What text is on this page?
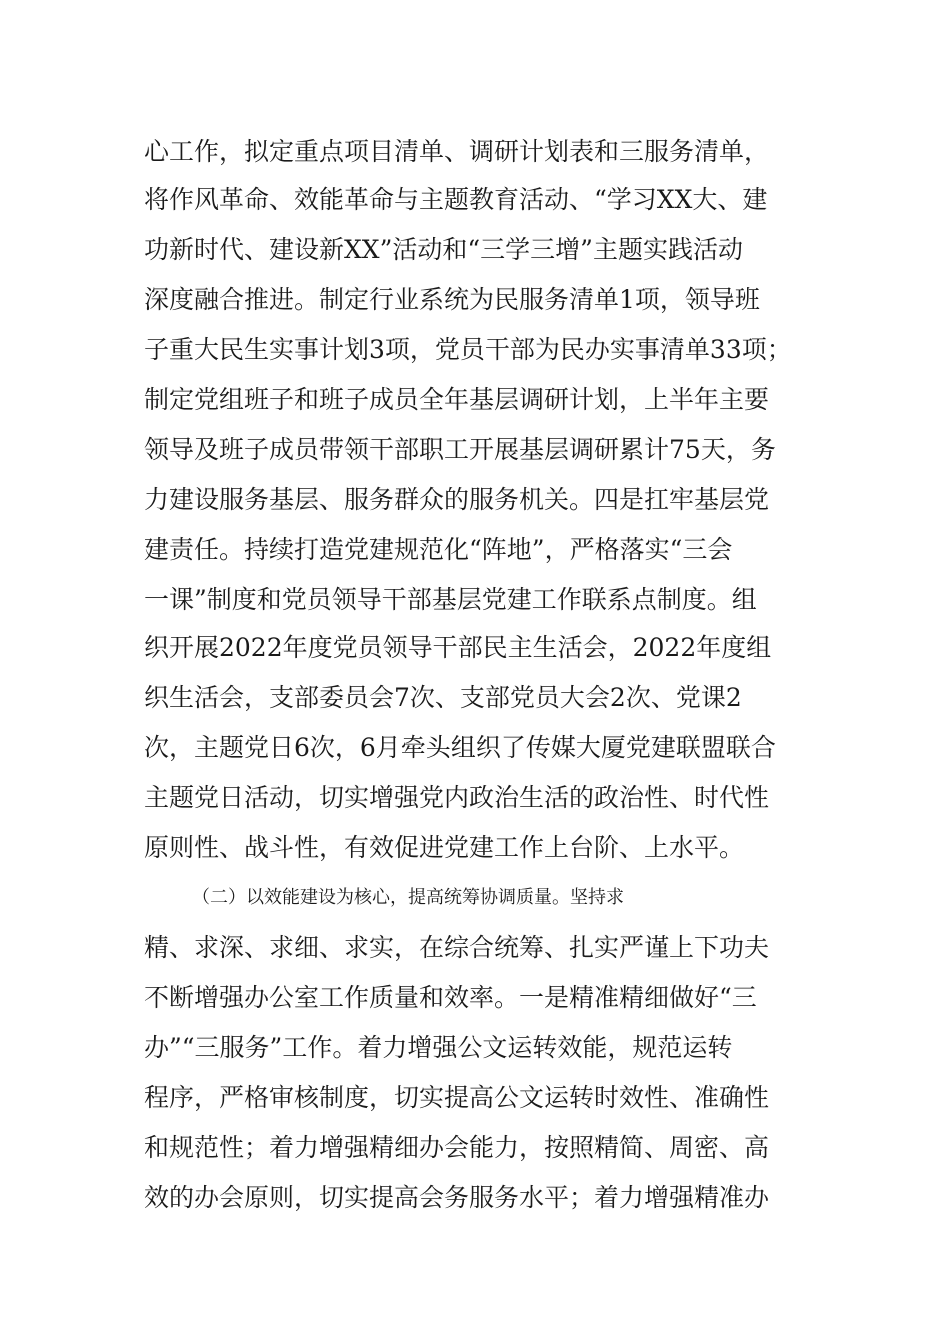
心工作，拟定重点项目清单、调研计划表和三服务清单，
将作风革命、效能革命与主题教育活动、“学习XX大、建
功新时代、建设新XX”活动和“三学三增”主题实践活动
深度融合推进。制定行业系统为民服务清单1项，领导班
子重大民生实事计划3项，党员干部为民办实事清单33项；
制定党组班子和班子成员全年基层调研计划，上半年主要
领导及班子成员带领干部职工开展基层调研累计75天，务
力建设服务基层、服务群众的服务机关。四是扛牢基层党
建责任。持续打造党建规范化“阵地”，严格落实“三会
一课”制度和党员领导干部基层党建工作联系点制度。组
织开展2022年度党员领导干部民主生活会，2022年度组
织生活会，支部委员会7次、支部党员大会2次、党课2
次，主题党日6次，6月牵头组织了传媒大厦党建联盟联合
主题党日活动，切实增强党内政治生活的政治性、时代性
原则性、战斗性，有效促进党建工作上台阶、上水平。
（二）以效能建设为核心，提高统筹协调质量。坚持求
精、求深、求细、求实，在综合统筹、扎实严谨上下功夫
不断增强办公室工作质量和效率。一是精准精细做好“三
办”“三服务”工作。着力增强公文运转效能，规范运转
程序，严格审核制度，切实提高公文运转时效性、准确性
和规范性；着力增强精细办会能力，按照精简、周密、高
效的办会原则，切实提高会务服务水平；着力增强精准办
